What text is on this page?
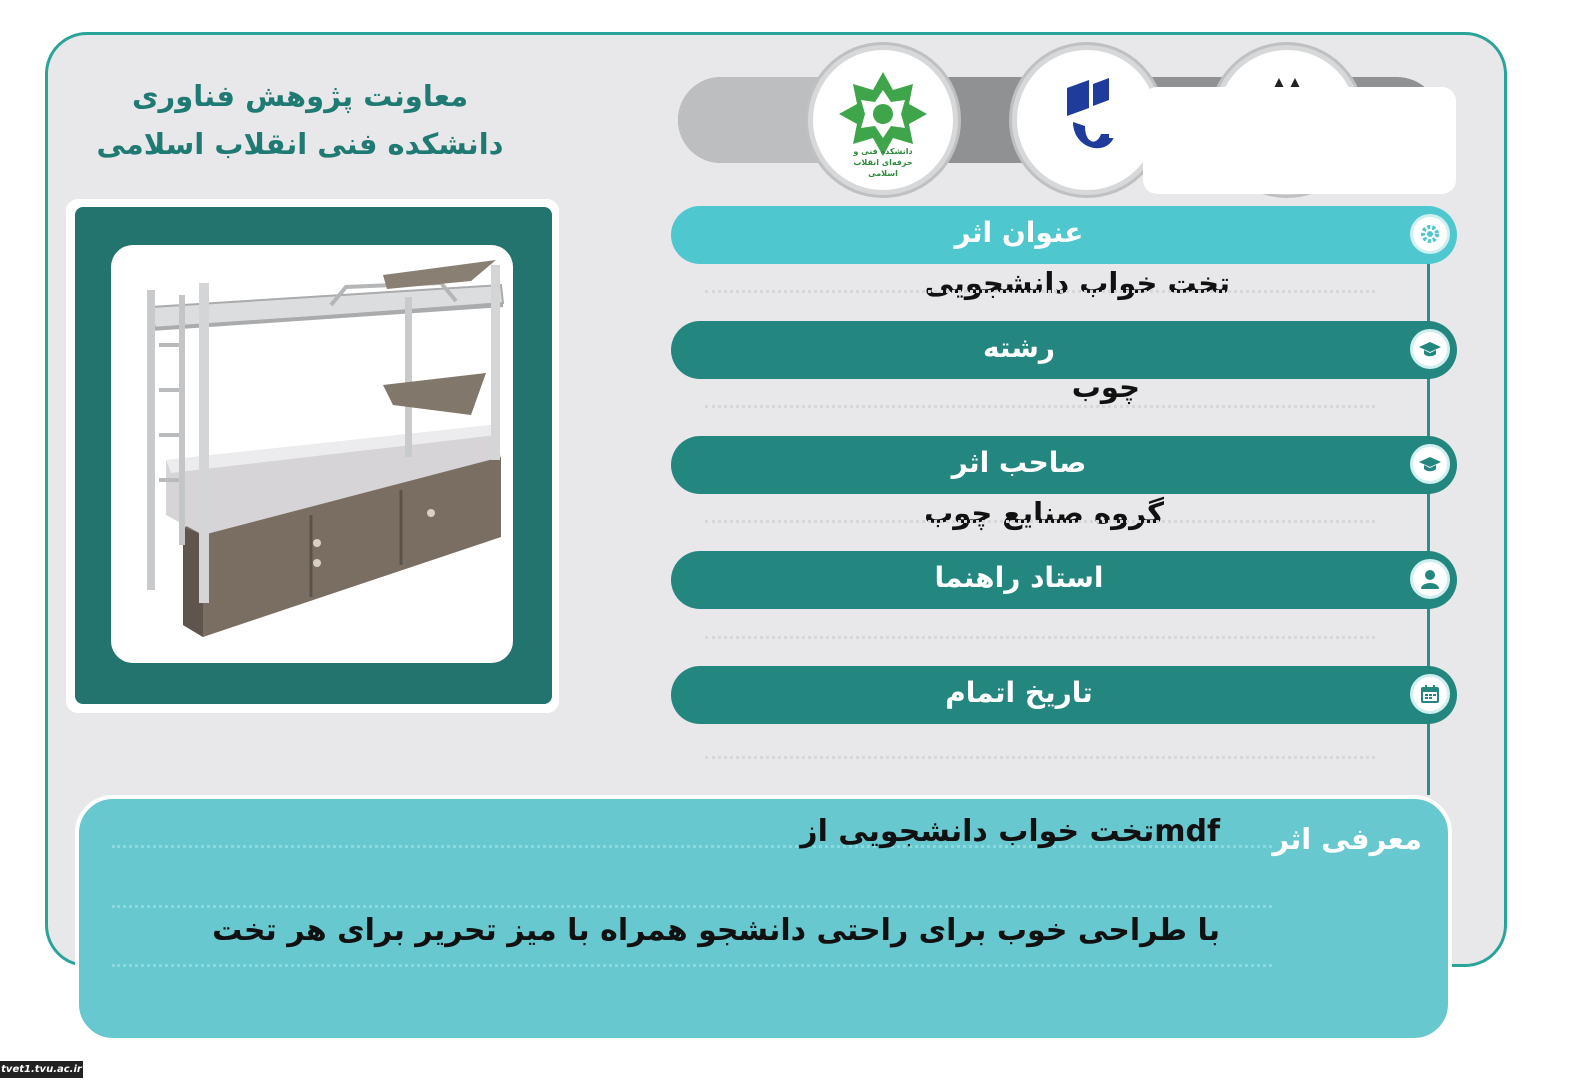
معاونت پژوهش فناوری
دانشکده فنی انقلاب اسلامی	دانشکده فنی و حرفه‌ای انقلاب اسلامی
عنوان اثر
تخت خواب دانشجویی
رشته
چوب
صاحب اثر
گروه صنایع چوب
استاد راهنما
تاریخ اتمام
معرفی اثر
mdfتخت خواب دانشجویی از
با طراحی خوب برای راحتی دانشجو همراه با میز تحریر برای هر تخت
tvet1.tvu.ac.ir
